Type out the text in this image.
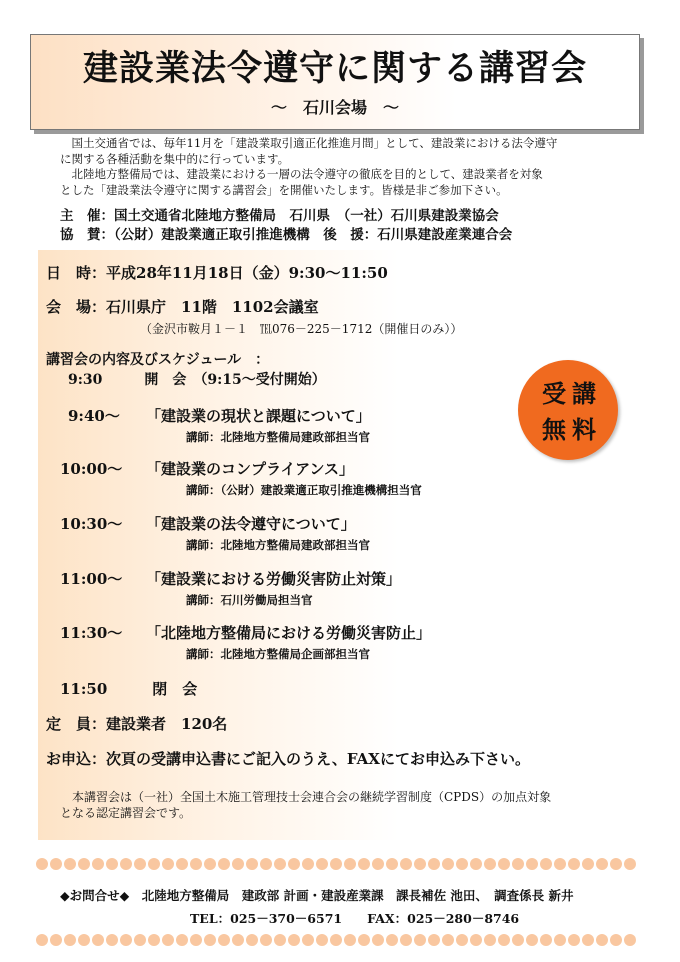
建設業法令遵守に関する講習会
～　石川会場　～

　国土交通省では、毎年11月を「建設業取引適正化推進月間」として、建設業における法令遵守

に関する各種活動を集中的に行っています。

　北陸地方整備局では、建設業における一層の法令遵守の徹底を目的として、建設業者を対象

とした「建設業法令遵守に関する講習会」を開催いたします。皆様是非ご参加下さい。

主　催：国土交通省北陸地方整備局　石川県　（一社）石川県建設業協会
協　賛：（公財）建設業適正取引推進機構　後　援：石川県建設産業連合会
日　時：平成28年11月18日（金）9:30～11:50
会　場：石川県庁　11階　1102会議室
（金沢市鞍月１－１　℡076－225－1712（開催日のみ））
講習会の内容及びスケジュール　：
9:30　　　開　会　（9:15～受付開始）
9:40～ 「建設業の現状と課題について」
講師：北陸地方整備局建政部担当官
10:00～ 「建設業のコンプライアンス」
講師：（公財）建設業適正取引推進機構担当官
10:30～ 「建設業の法令遵守について」
講師：北陸地方整備局建政部担当官
11:00～ 「建設業における労働災害防止対策」
講師：石川労働局担当官
11:30～ 「北陸地方整備局における労働災害防止」
講師：北陸地方整備局企画部担当官
11:50　　　閉　会
定　員：建設業者　120名
お申込：次頁の受講申込書にご記入のうえ、FAXにてお申込み下さい。
受 講
無 料

　本講習会は（一社）全国土木施工管理技士会連合会の継続学習制度（CPDS）の加点対象

となる認定講習会です。

◆お問合せ◆　北陸地方整備局　建政部 計画・建設産業課　課長補佐 池田、　調査係長 新井
TEL：025－370－6571　　FAX：025－280－8746
